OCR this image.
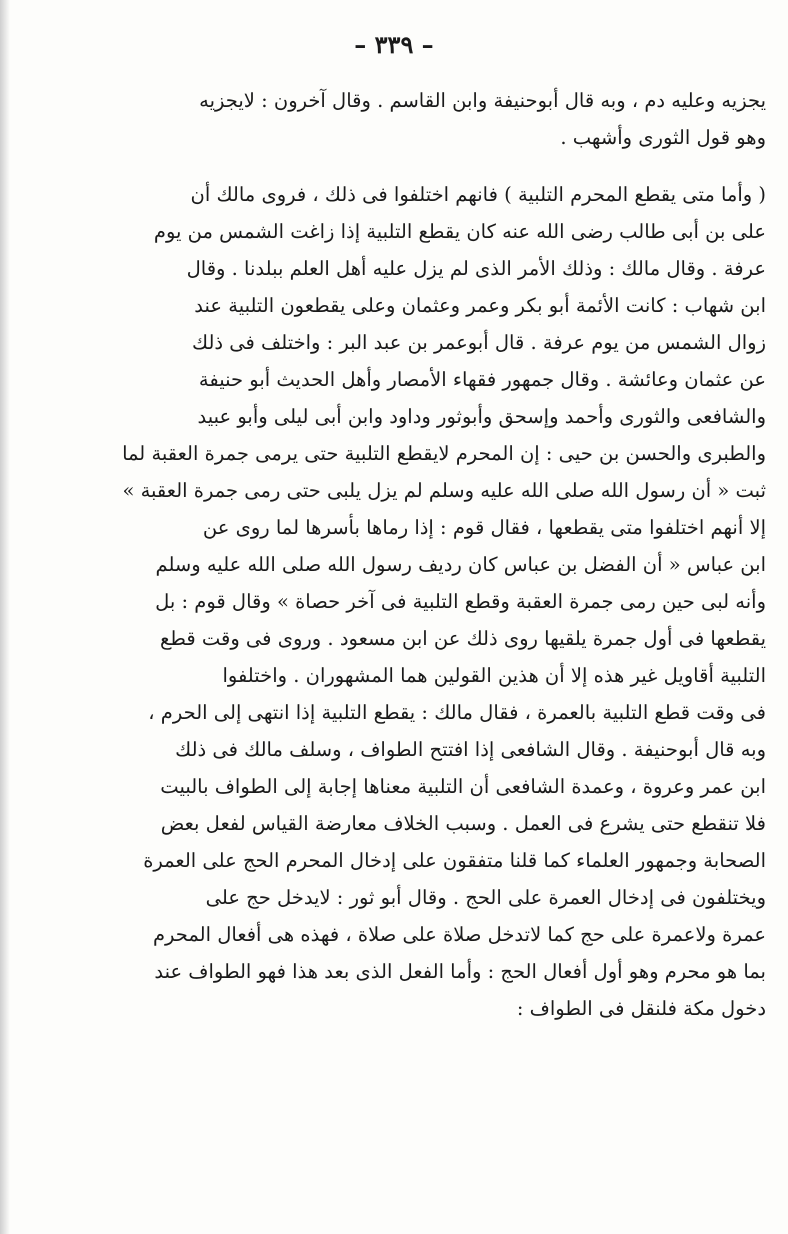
– ٣٣٩ –
يجزيه وعليه دم ، وبه قال أبوحنيفة وابن القاسم . وقال آخرون : لايجزيه
وهو قول الثورى وأشهب .
( وأما متى يقطع المحرم التلبية ) فانهم اختلفوا فى ذلك ، فروى مالك أن
على بن أبى طالب رضى الله عنه كان يقطع التلبية إذا زاغت الشمس من يوم
عرفة . وقال مالك : وذلك الأمر الذى لم يزل عليه أهل العلم ببلدنا . وقال
ابن شهاب : كانت الأئمة أبو بكر وعمر وعثمان وعلى يقطعون التلبية عند
زوال الشمس من يوم عرفة . قال أبوعمر بن عبد البر : واختلف فى ذلك
عن عثمان وعائشة . وقال جمهور فقهاء الأمصار وأهل الحديث أبو حنيفة
والشافعى والثورى وأحمد وإسحق وأبوثور وداود وابن أبى ليلى وأبو عبيد
والطبرى والحسن بن حيى : إن المحرم لايقطع التلبية حتى يرمى جمرة العقبة لما
ثبت « أن رسول الله صلى الله عليه وسلم لم يزل يلبى حتى رمى جمرة العقبة »
إلا أنهم اختلفوا متى يقطعها ، فقال قوم : إذا رماها بأسرها لما روى عن
ابن عباس « أن الفضل بن عباس كان رديف رسول الله صلى الله عليه وسلم
وأنه لبى حين رمى جمرة العقبة وقطع التلبية فى آخر حصاة » وقال قوم : بل
يقطعها فى أول جمرة يلقيها روى ذلك عن ابن مسعود . وروى فى وقت قطع
التلبية أقاويل غير هذه إلا أن هذين القولين هما المشهوران . واختلفوا
فى وقت قطع التلبية بالعمرة ، فقال مالك : يقطع التلبية إذا انتهى إلى الحرم ،
وبه قال أبوحنيفة . وقال الشافعى إذا افتتح الطواف ، وسلف مالك فى ذلك
ابن عمر وعروة ، وعمدة الشافعى أن التلبية معناها إجابة إلى الطواف بالبيت
فلا تنقطع حتى يشرع فى العمل . وسبب الخلاف معارضة القياس لفعل بعض
الصحابة وجمهور العلماء كما قلنا متفقون على إدخال المحرم الحج على العمرة
ويختلفون فى إدخال العمرة على الحج . وقال أبو ثور : لايدخل حج على
عمرة ولاعمرة على حج كما لاتدخل صلاة على صلاة ، فهذه هى أفعال المحرم
بما هو محرم وهو أول أفعال الحج : وأما الفعل الذى بعد هذا فهو الطواف عند
دخول مكة فلنقل فى الطواف :
